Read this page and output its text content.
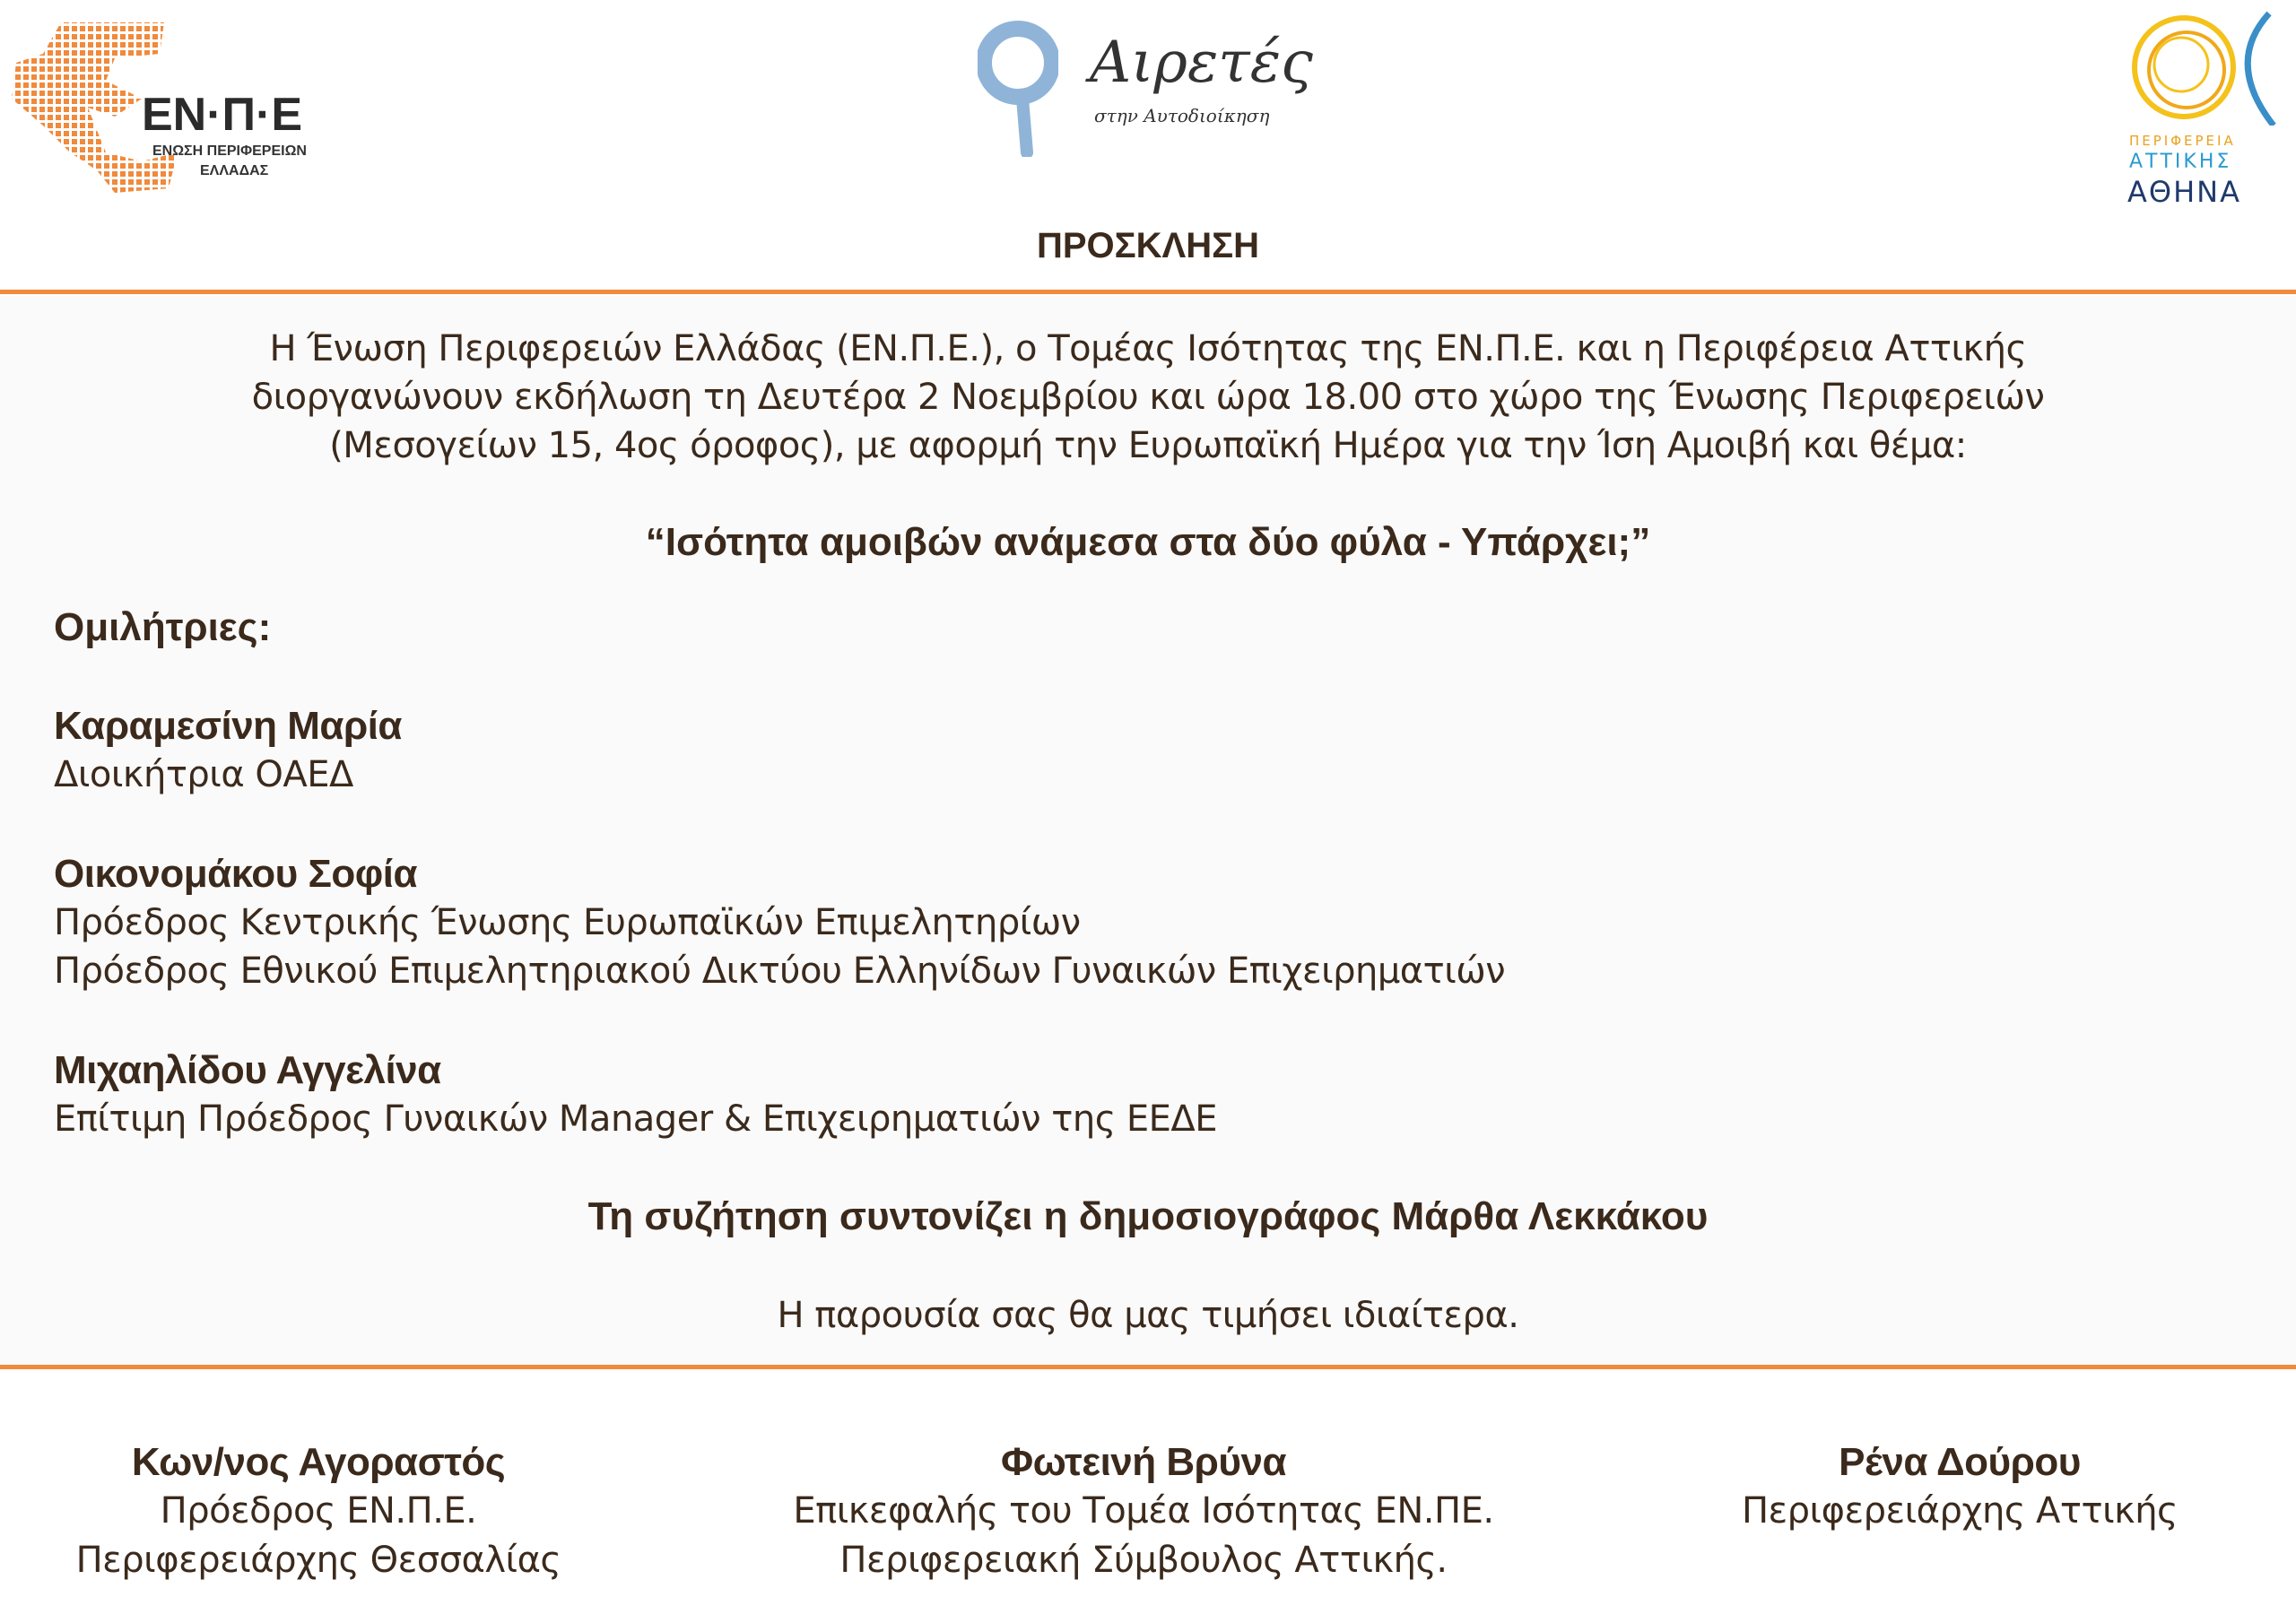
ΕΝ·Π·Ε
ΕΝΩΣΗ ΠΕΡΙΦΕΡΕΙΩΝ
ΕΛΛΑΔΑΣ
Αιρετές
στην Αυτοδιοίκηση
ΠΕΡΙΦΕΡΕΙΑ
ΑΤΤΙΚΗΣ
ΑΘΗΝΑ
ΠΡΟΣΚΛΗΣΗ
Η Ένωση Περιφερειών Ελλάδας (ΕΝ.Π.Ε.), ο Τομέας Ισότητας της ΕΝ.Π.Ε. και η Περιφέρεια Αττικής
διοργανώνουν εκδήλωση τη Δευτέρα 2 Νοεμβρίου και ώρα 18.00 στο χώρο της Ένωσης Περιφερειών
(Μεσογείων 15, 4ος όροφος), με αφορμή την Ευρωπαϊκή Ημέρα για την Ίση Αμοιβή και θέμα:
“Ισότητα αμοιβών ανάμεσα στα δύο φύλα - Υπάρχει;”
Ομιλήτριες:
Καραμεσίνη Μαρία
Διοικήτρια ΟΑΕΔ
Οικονομάκου Σοφία
Πρόεδρος Κεντρικής Ένωσης Ευρωπαϊκών Επιμελητηρίων
Πρόεδρος Εθνικού Επιμελητηριακού Δικτύου Ελληνίδων Γυναικών Επιχειρηματιών
Μιχαηλίδου Αγγελίνα
Επίτιμη Πρόεδρος Γυναικών Manager & Επιχειρηματιών της ΕΕΔΕ
Τη συζήτηση συντονίζει η δημοσιογράφος Μάρθα Λεκκάκου
Η παρουσία σας θα μας τιμήσει ιδιαίτερα.
Κων/νος Αγοραστός
Πρόεδρος ΕΝ.Π.Ε.
Περιφερειάρχης Θεσσαλίας
Φωτεινή Βρύνα
Επικεφαλής του Τομέα Ισότητας ΕΝ.ΠΕ.
Περιφερειακή Σύμβουλος Αττικής.
Ρένα Δούρου
Περιφερειάρχης Αττικής
